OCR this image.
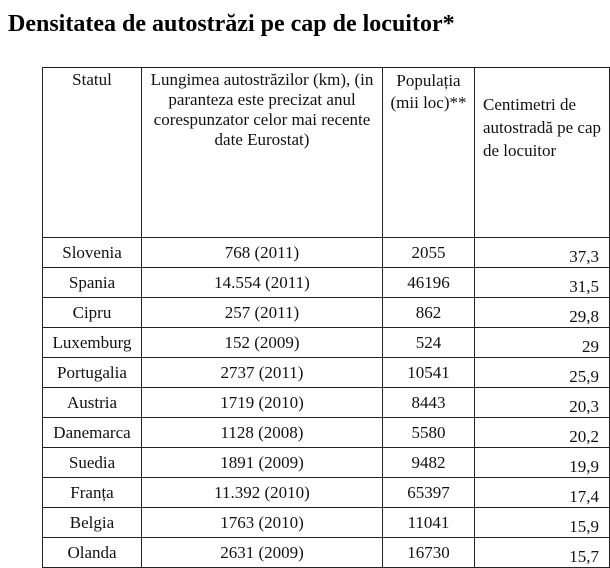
Densitatea de autostrăzi pe cap de locuitor*
Statul	Lungimea autostrăzilor (km), (in paranteza este precizat anul corespunzator celor mai recente date Eurostat)	Populația (mii loc)**	Centimetri de autostradă pe cap de locuitor
Slovenia	768 (2011)	2055	37,3
Spania	14.554 (2011)	46196	31,5
Cipru	257 (2011)	862	29,8
Luxemburg	152 (2009)	524	29
Portugalia	2737 (2011)	10541	25,9
Austria	1719 (2010)	8443	20,3
Danemarca	1128 (2008)	5580	20,2
Suedia	1891 (2009)	9482	19,9
Franța	11.392 (2010)	65397	17,4
Belgia	1763 (2010)	11041	15,9
Olanda	2631 (2009)	16730	15,7
